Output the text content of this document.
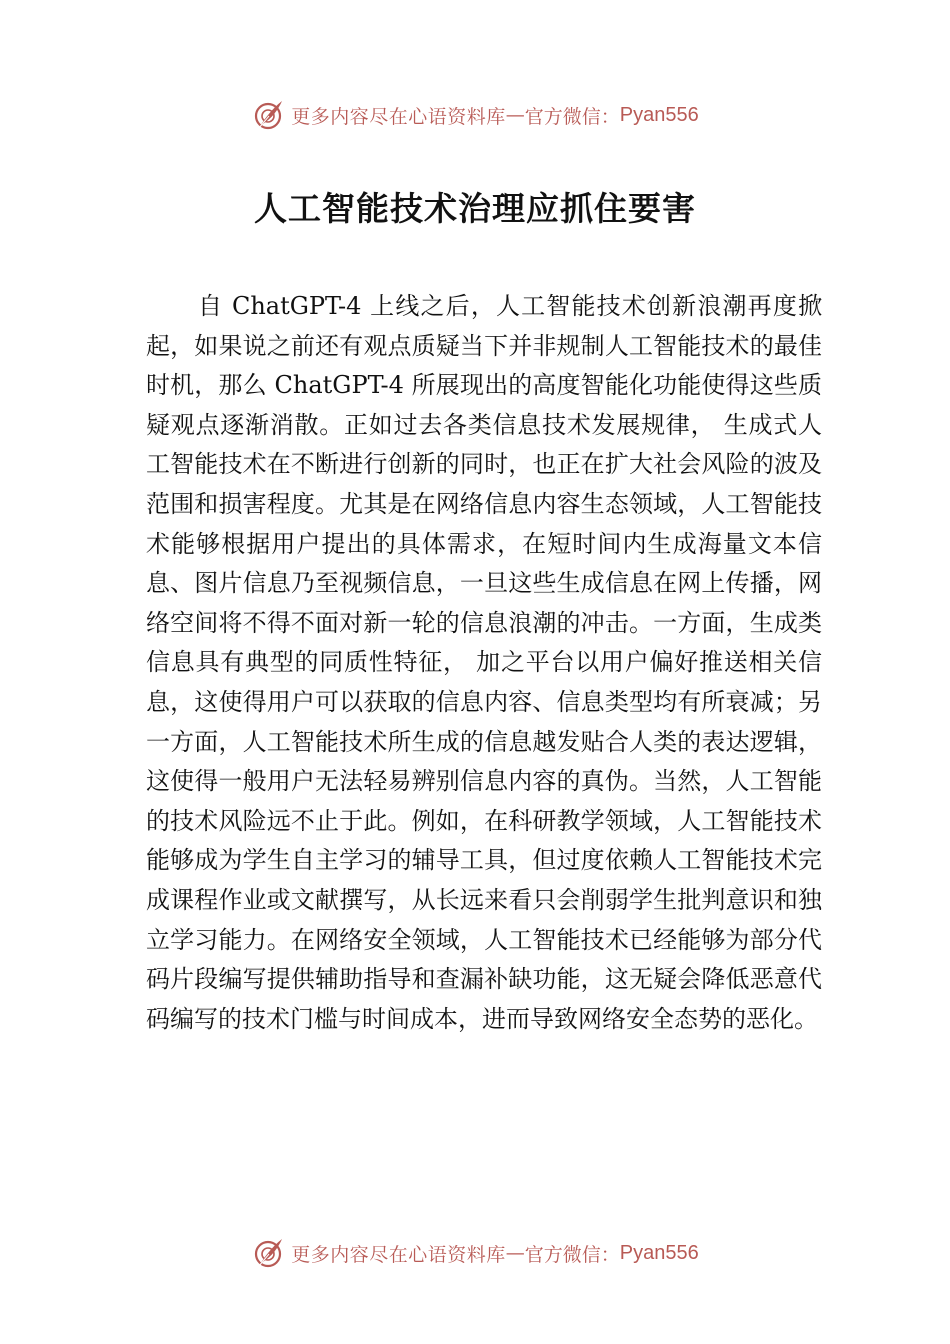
更多内容尽在心语资料库 — 官方微信： Pyan556
人工智能技术治理应抓住要害

自 ChatGPT-4 上线之后，人工智能技术创新浪潮再度掀起，如果说之前还有观点质疑当下并非规制人工智能技术的最佳时机，那么 ChatGPT-4 所展现出的高度智能化功能使得这些质疑观点逐渐消散。正如过去各类信息技术发展规律， 生成式人工智能技术在不断进行创新的同时，也正在扩大社会风险的波及范围和损害程度。尤其是在网络信息内容生态领域，人工智能技术能够根据用户提出的具体需求，在短时间内生成海量文本信息、图片信息乃至视频信息，一旦这些生成信息在网上传播，网络空间将不得不面对新一轮的信息浪潮的冲击。一方面，生成类信息具有典型的同质性特征， 加之平台以用户偏好推送相关信息，这使得用户可以获取的信息内容、信息类型均有所衰减；另一方面，人工智能技术所生成的信息越发贴合人类的表达逻辑，这使得一般用户无法轻易辨别信息内容的真伪。当然，人工智能的技术风险远不止于此。例如，在科研教学领域，人工智能技术能够成为学生自主学习的辅导工具，但过度依赖人工智能技术完成课程作业或文献撰写，从长远来看只会削弱学生批判意识和独立学习能力。在网络安全领域，人工智能技术已经能够为部分代码片段编写提供辅助指导和查漏补缺功能，这无疑会降低恶意代码编写的技术门槛与时间成本，进而导致网络安全态势的恶化。

更多内容尽在心语资料库 — 官方微信： Pyan556
